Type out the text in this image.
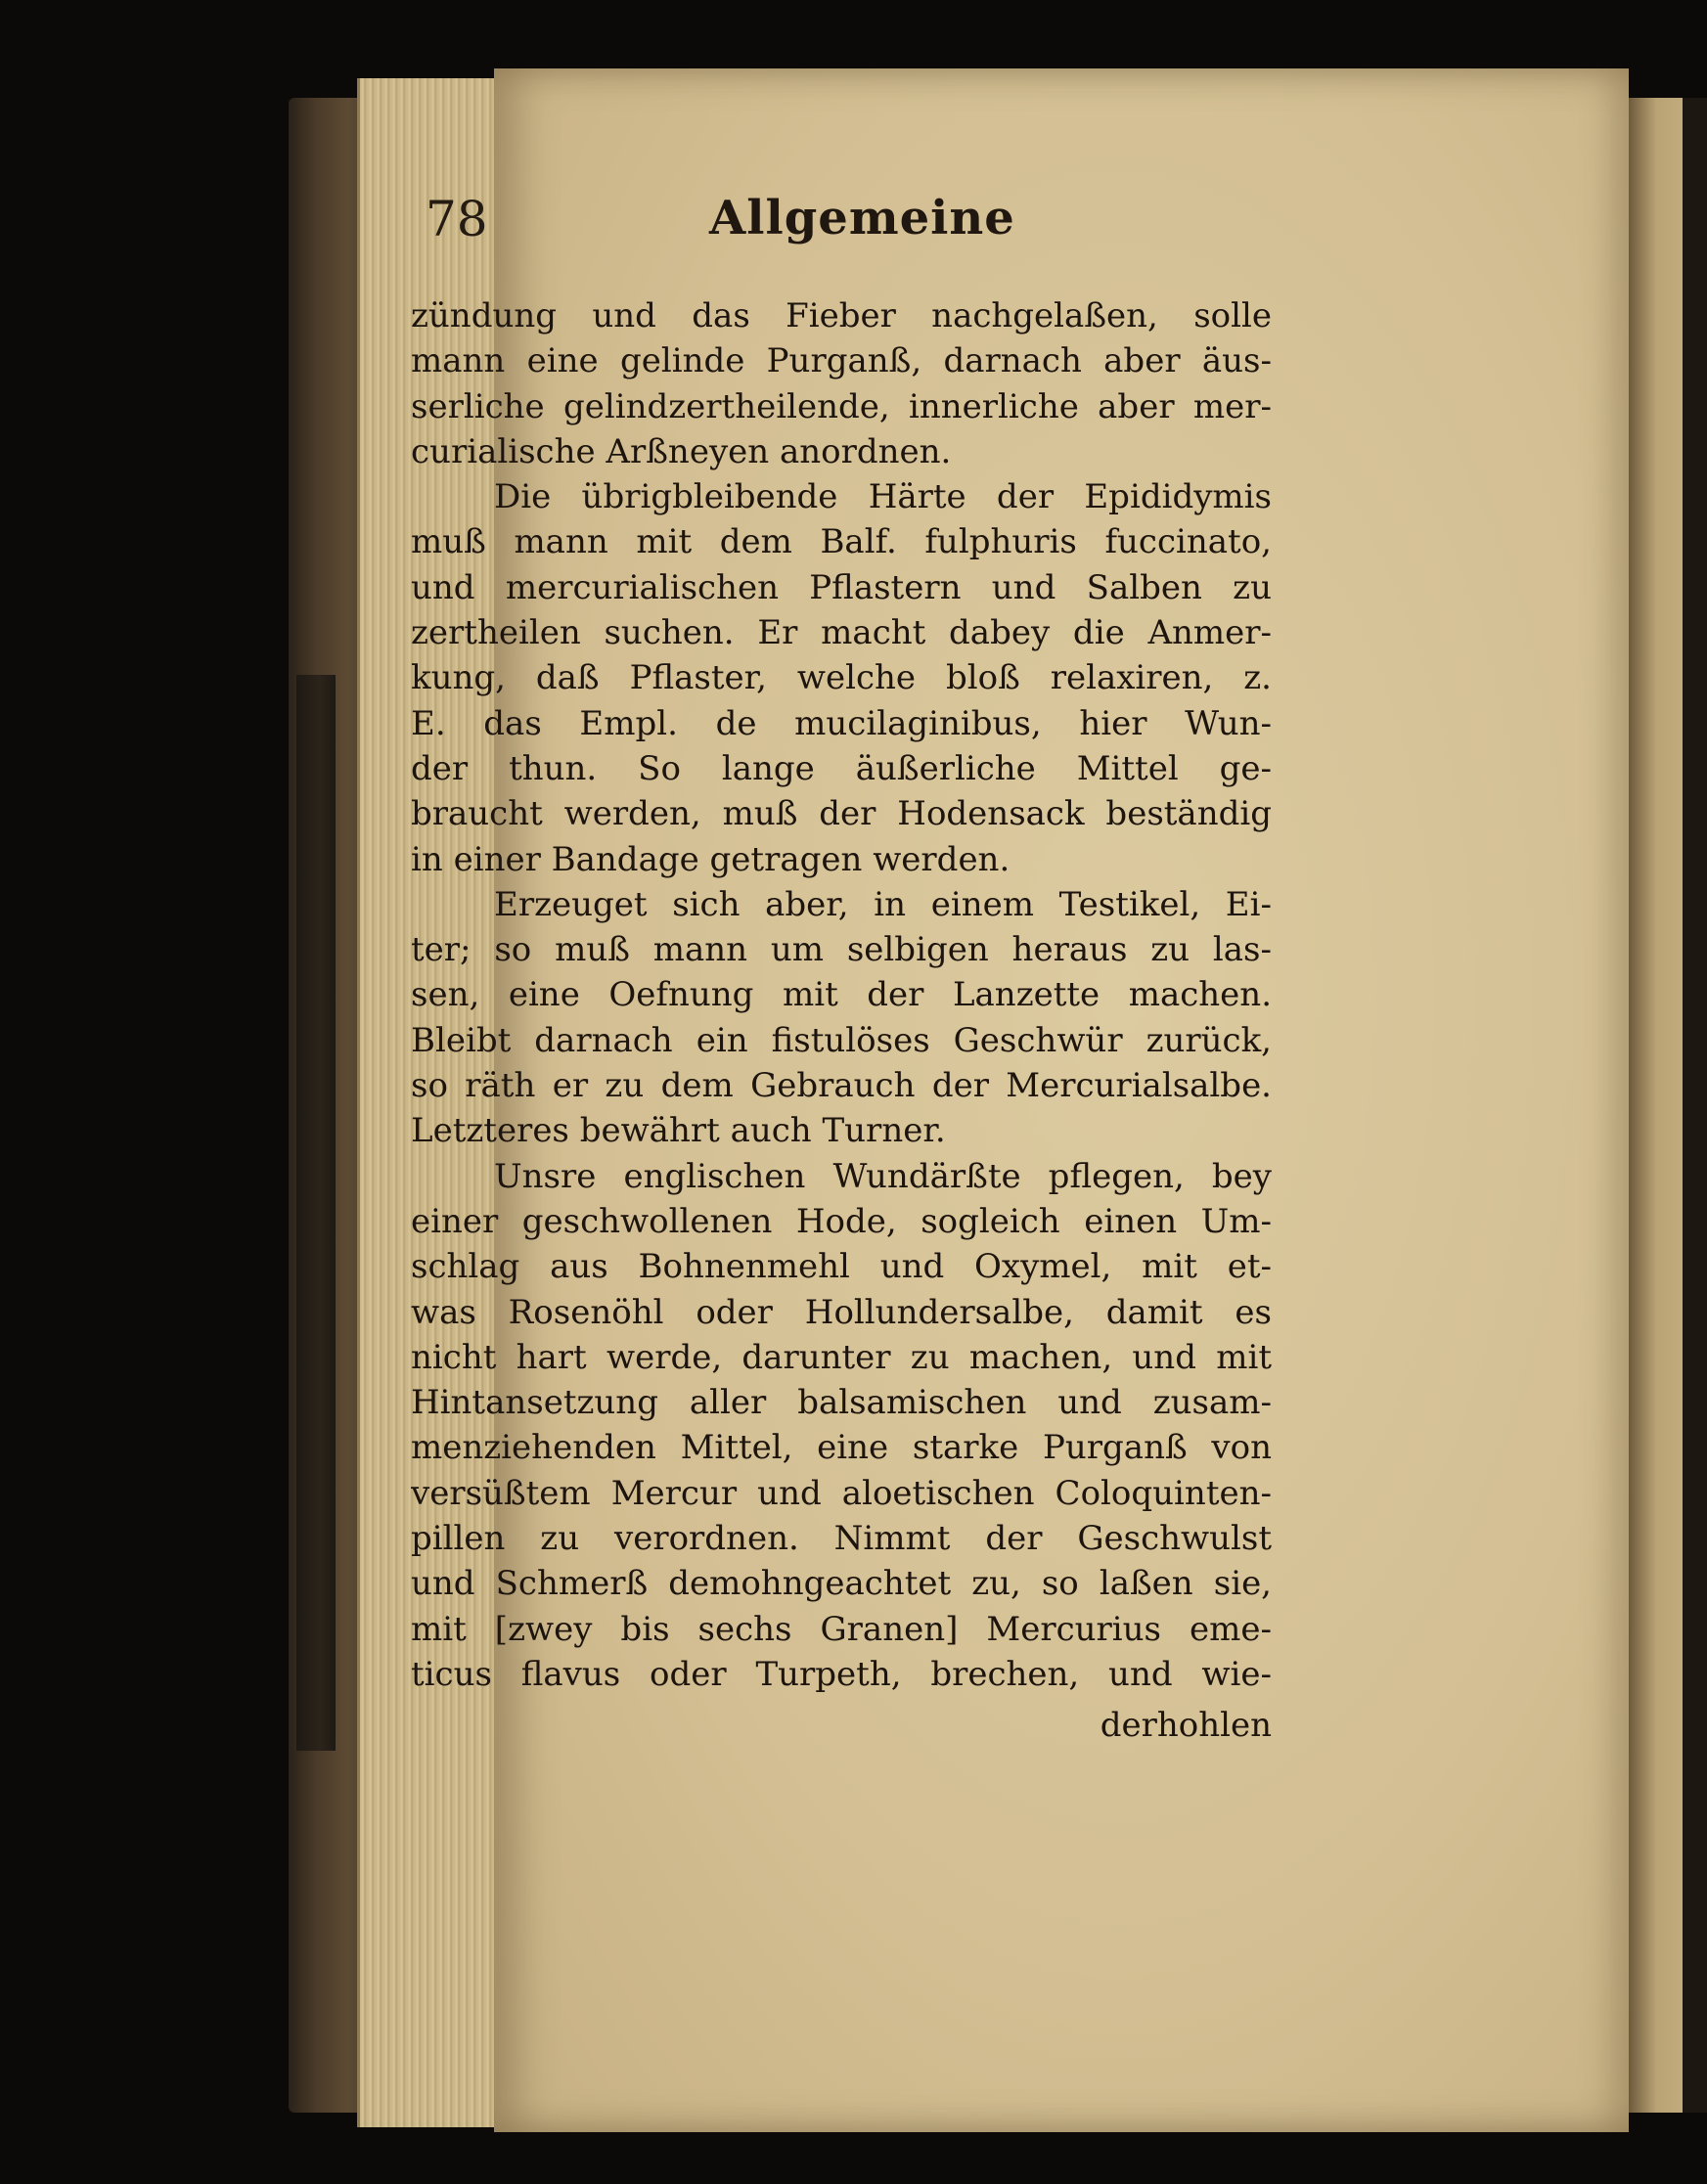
78	Allgemeine
zündung und das Fieber nachgelaßen, solle
mann eine gelinde Purganß, darnach aber äus-
serliche gelindzertheilende, innerliche aber mer-
curialische Arßneyen anordnen.
Die übrigbleibende Härte der Epididymis
muß mann mit dem Balf. fulphuris fuccinato,
und mercurialischen Pflastern und Salben zu
zertheilen suchen. Er macht dabey die Anmer-
kung, daß Pflaster, welche bloß relaxiren, z.
E. das Empl. de mucilaginibus, hier Wun-
der thun. So lange äußerliche Mittel ge-
braucht werden, muß der Hodensack beständig
in einer Bandage getragen werden.
Erzeuget sich aber, in einem Testikel, Ei-
ter; so muß mann um selbigen heraus zu las-
sen, eine Oefnung mit der Lanzette machen.
Bleibt darnach ein fistulöses Geschwür zurück,
so räth er zu dem Gebrauch der Mercurialsalbe.
Letzteres bewährt auch Turner.
Unsre englischen Wundärßte pflegen, bey
einer geschwollenen Hode, sogleich einen Um-
schlag aus Bohnenmehl und Oxymel, mit et-
was Rosenöhl oder Hollundersalbe, damit es
nicht hart werde, darunter zu machen, und mit
Hintansetzung aller balsamischen und zusam-
menziehenden Mittel, eine starke Purganß von
versüßtem Mercur und aloetischen Coloquinten-
pillen zu verordnen. Nimmt der Geschwulst
und Schmerß demohngeachtet zu, so laßen sie,
mit [zwey bis sechs Granen] Mercurius eme-
ticus flavus oder Turpeth, brechen, und wie-
derhohlen
